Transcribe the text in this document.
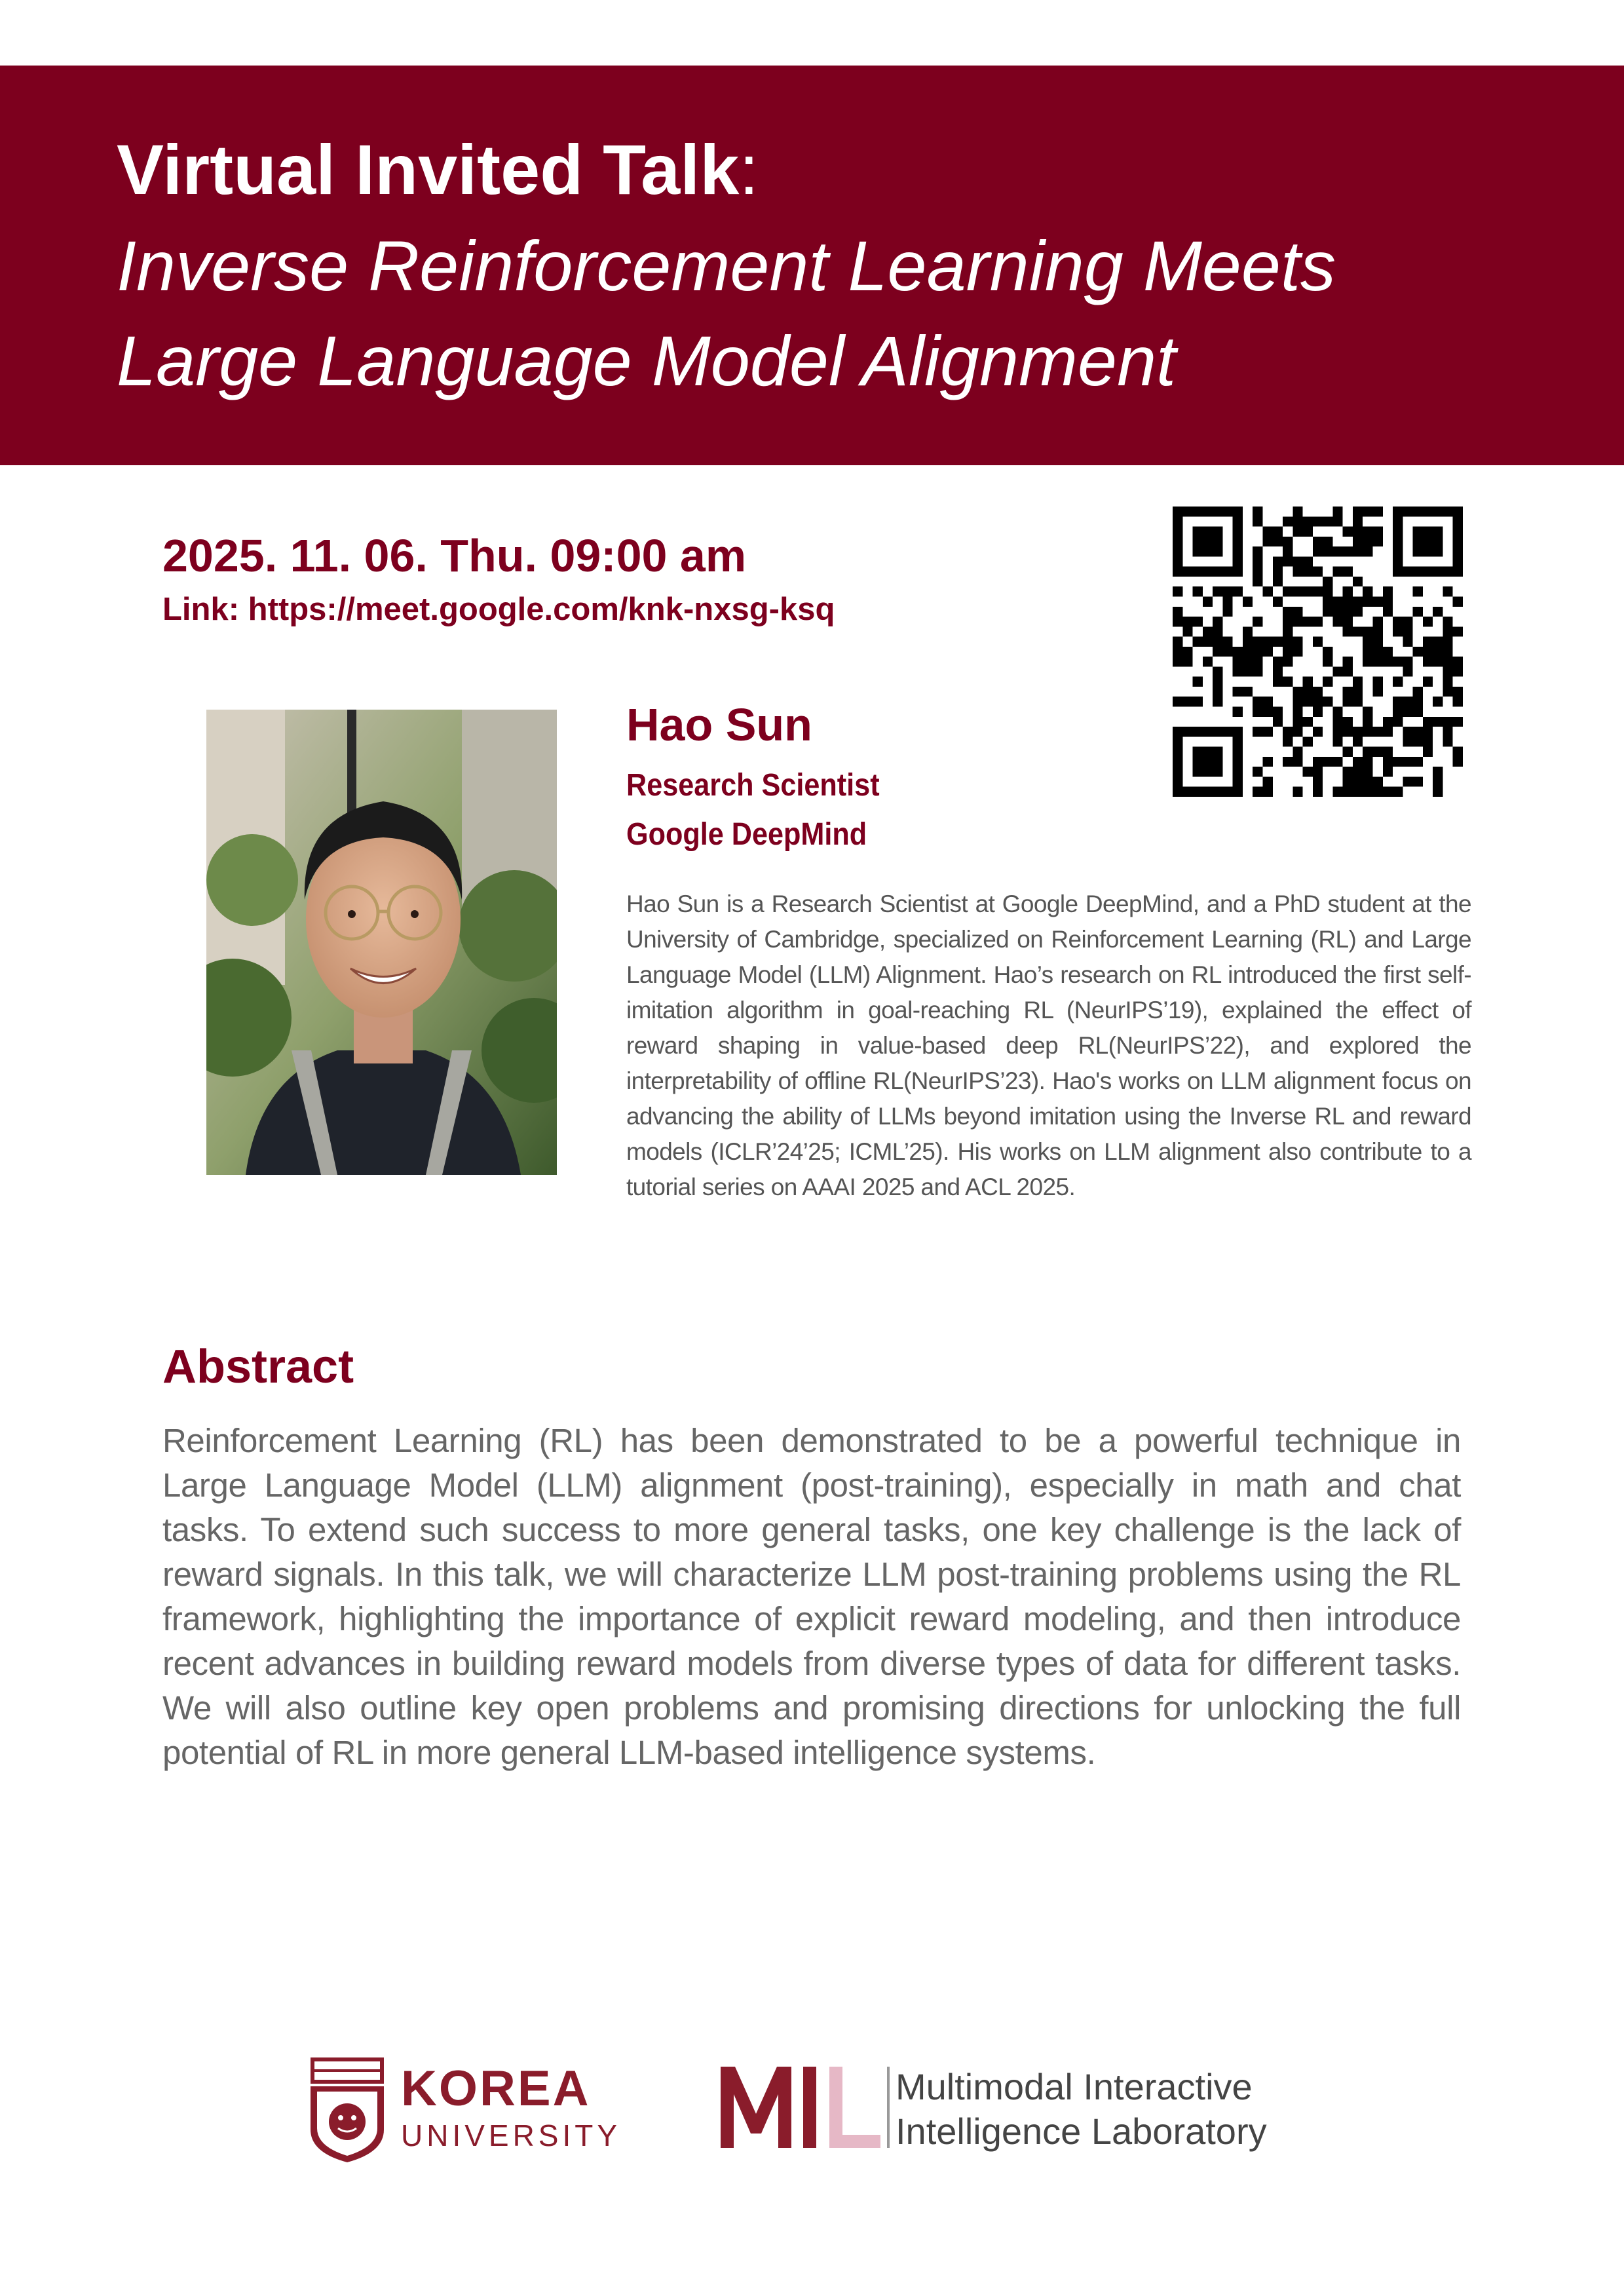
Virtual Invited Talk:
Inverse Reinforcement Learning Meets
Large Language Model Alignment
2025. 11. 06. Thu. 09:00 am
Link: https://meet.google.com/knk-nxsg-ksq
Hao Sun
Research Scientist
Google DeepMind

Hao Sun is a Research Scientist at Google DeepMind, and a PhD student at the University of Cambridge, specialized on Reinforcement Learning (RL) and Large Language Model (LLM) Alignment. Hao’s research on RL introduced the first self-imitation algorithm in goal-reaching RL (NeurIPS’19), explained the effect of reward shaping in value-based deep RL(NeurIPS’22), and explored the interpretability of offline RL(NeurIPS’23). Hao's works on LLM alignment focus on advancing the ability of LLMs beyond imitation using the Inverse RL and reward models (ICLR’24’25; ICML’25). His works on LLM alignment also contribute to a tutorial series on AAAI 2025 and ACL 2025.

Abstract

Reinforcement Learning (RL) has been demonstrated to be a powerful technique in Large Language Model (LLM) alignment (post-training), especially in math and chat tasks. To extend such success to more general tasks, one key challenge is the lack of reward signals. In this talk, we will characterize LLM post-training problems using the RL framework, highlighting the importance of explicit reward modeling, and then introduce recent advances in building reward models from diverse types of data for different tasks. We will also outline key open problems and promising directions for unlocking the full potential of RL in more general LLM-based intelligence systems.

KOREA
UNIVERSITY
Multimodal Interactive
Intelligence Laboratory
